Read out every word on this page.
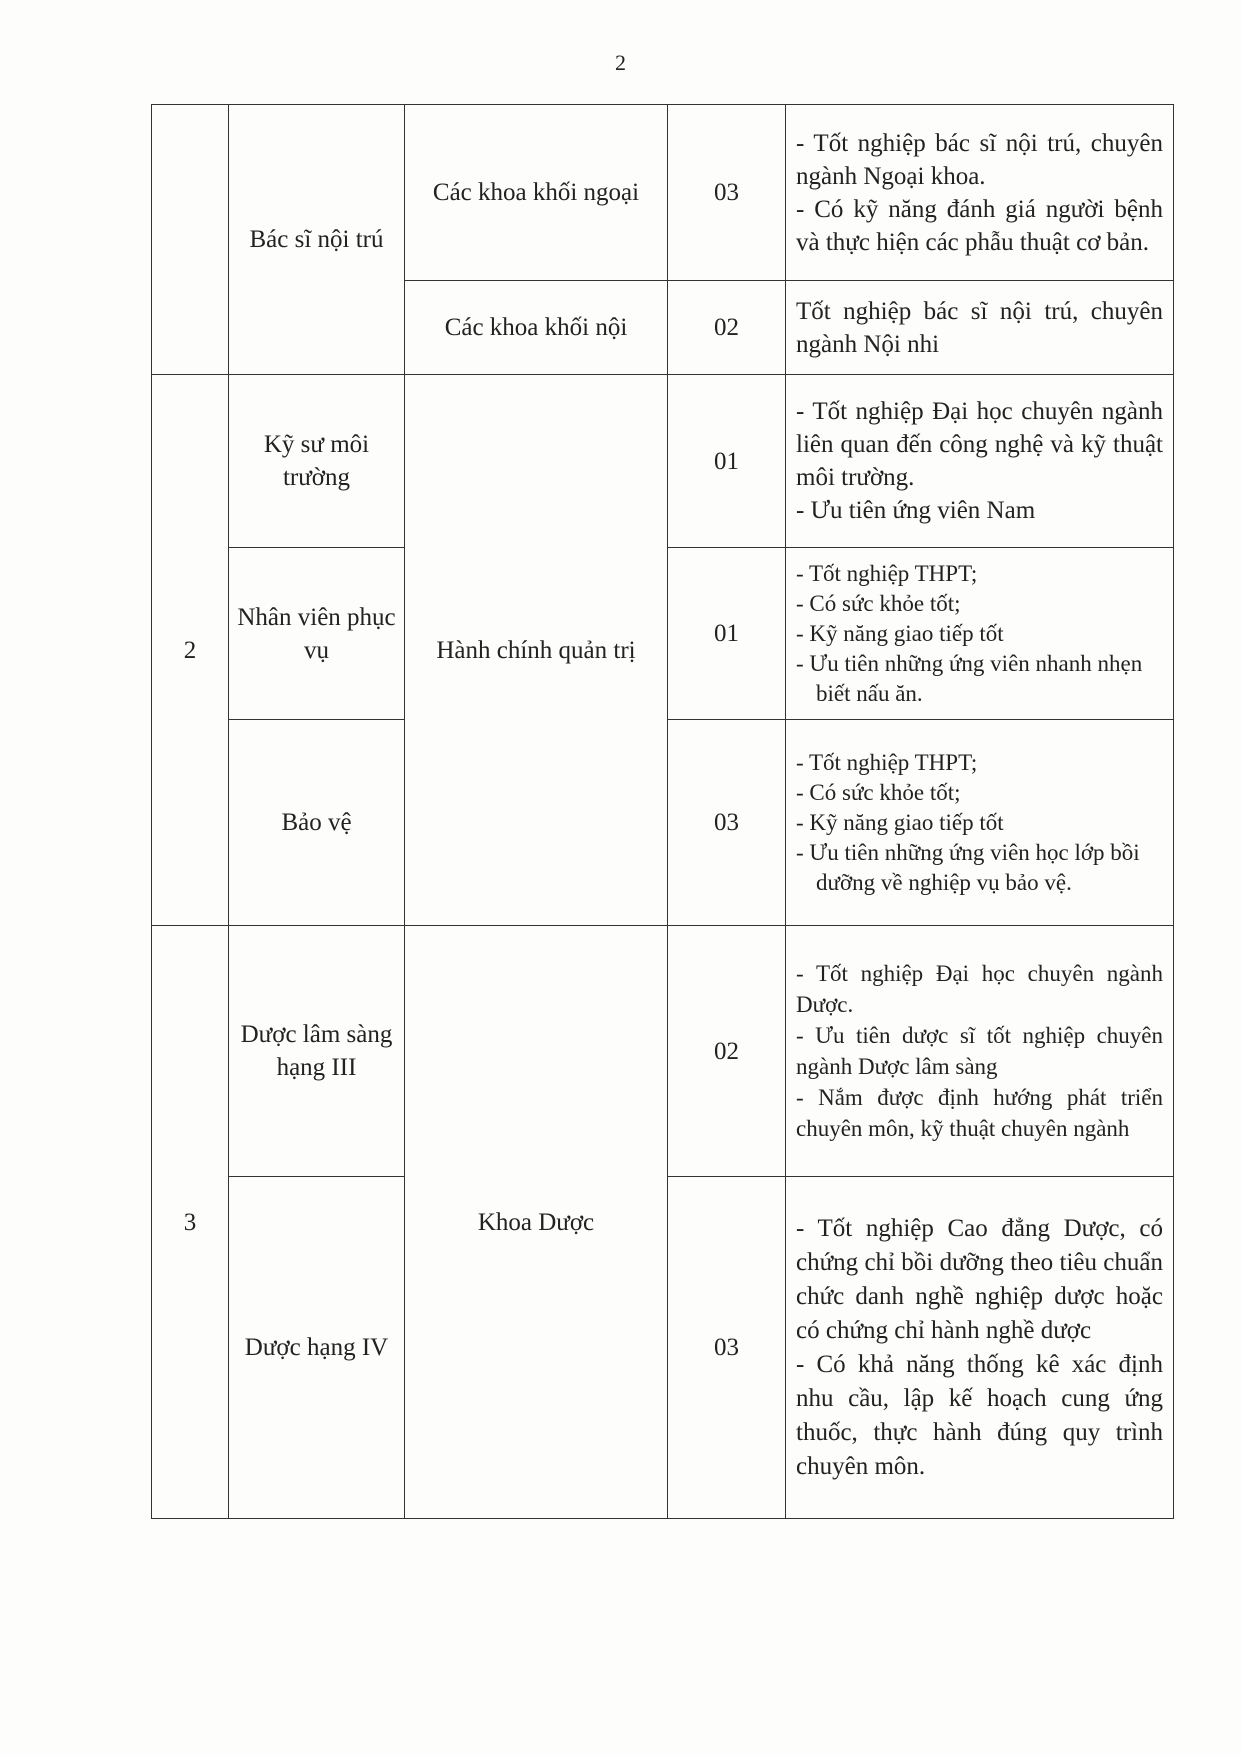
2
	Bác sĩ nội trú	Các khoa khối ngoại	03	- Tốt nghiệp bác sĩ nội trú, chuyên ngành Ngoại khoa.
- Có kỹ năng đánh giá người bệnh và thực hiện các phẫu thuật cơ bản.

		Các khoa khối nội	02	Tốt nghiệp bác sĩ nội trú, chuyên ngành Nội nhi

2	Kỹ sư môi trường	Hành chính quản trị	01	- Tốt nghiệp Đại học chuyên ngành liên quan đến công nghệ và kỹ thuật môi trường.
- Ưu tiên ứng viên Nam

	Nhân viên phục vụ		01	- Tốt nghiệp THPT;
- Có sức khỏe tốt;
- Kỹ năng giao tiếp tốt
- Ưu tiên những ứng viên nhanh nhẹn biết nấu ăn.

	Bảo vệ		03	- Tốt nghiệp THPT;
- Có sức khỏe tốt;
- Kỹ năng giao tiếp tốt
- Ưu tiên những ứng viên học lớp bồi dưỡng về nghiệp vụ bảo vệ.

3	Dược lâm sàng hạng III	Khoa Dược	02	- Tốt nghiệp Đại học chuyên ngành Dược.
- Ưu tiên dược sĩ tốt nghiệp chuyên ngành Dược lâm sàng
- Nắm được định hướng phát triển chuyên môn, kỹ thuật chuyên ngành

	Dược hạng IV		03	- Tốt nghiệp Cao đẳng Dược, có chứng chỉ bồi dưỡng theo tiêu chuẩn chức danh nghề nghiệp dược hoặc có chứng chỉ hành nghề dược
- Có khả năng thống kê xác định nhu cầu, lập kế hoạch cung ứng thuốc, thực hành đúng quy trình chuyên môn.
